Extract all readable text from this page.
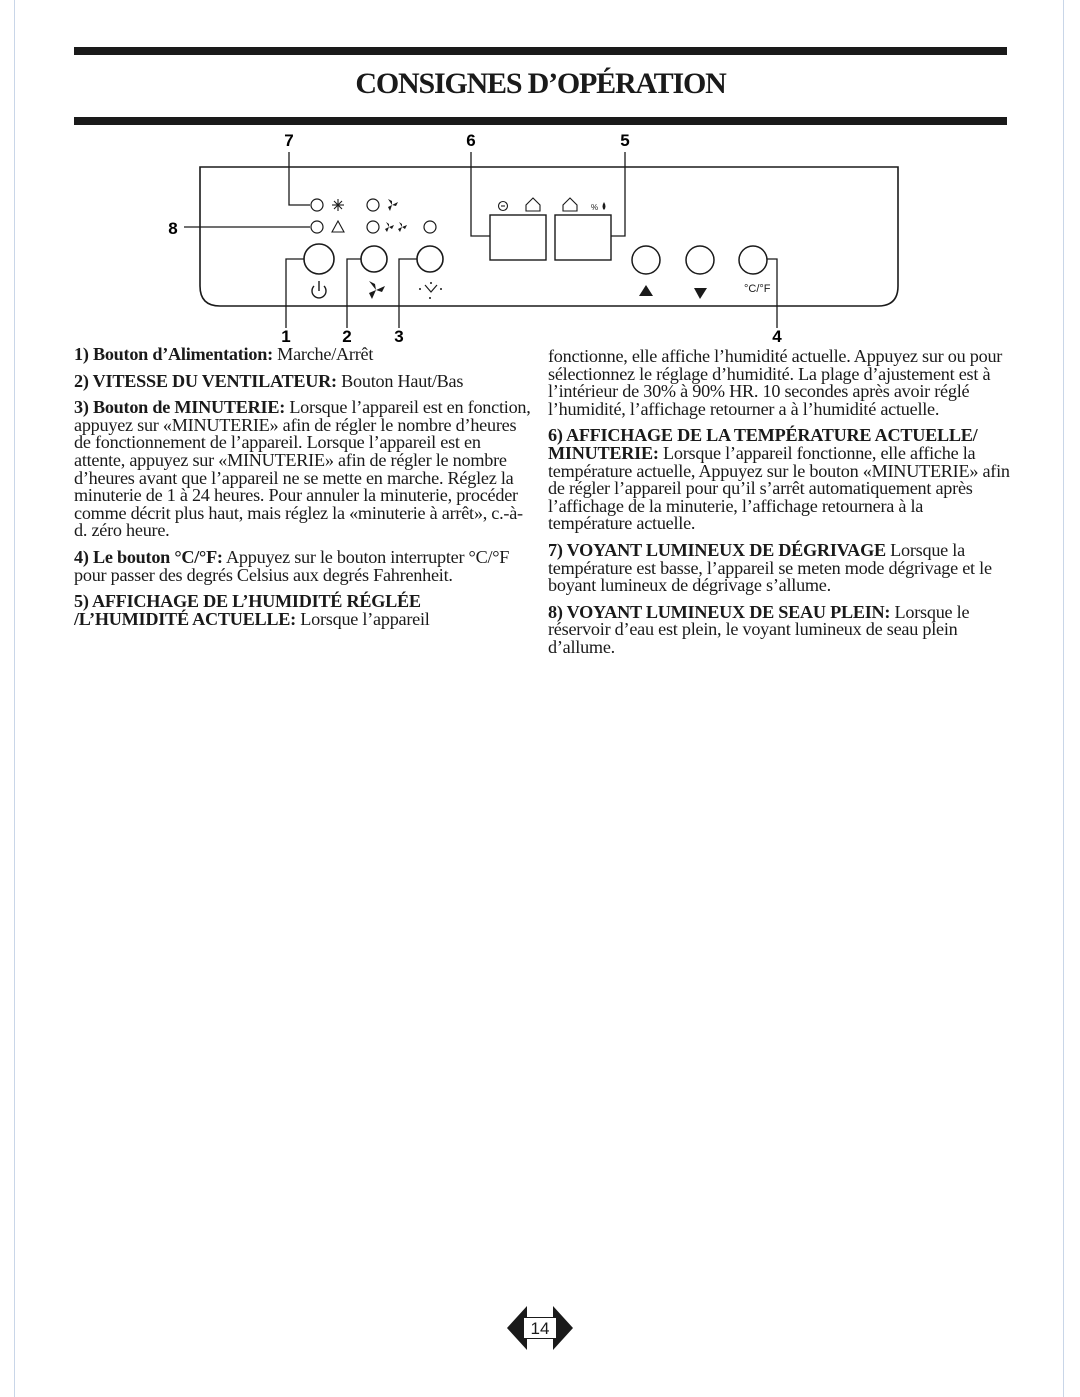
CONSIGNES D’OPÉRATION
7	6	5
8
1	2	3	4
%
°C/°F
1) Bouton d’Alimentation: Marche/Arrêt
2) VITESSE DU VENTILATEUR: Bouton Haut/Bas
3) Bouton de MINUTERIE: Lorsque l’appareil est en fonction, appuyez sur «MINUTERIE» afin de régler le nombre d’heures de fonctionnement de l’appareil. Lorsque l’appareil est en attente, appuyez sur «MINUTERIE» afin de régler le nombre d’heures avant que l’appareil ne se mette en marche. Réglez la minuterie de 1 à 24 heures. Pour annuler la minuterie, procéder comme décrit plus haut, mais réglez la «minuterie à arrêt», c.-à-d. zéro heure.
4) Le bouton °C/°F: Appuyez sur le bouton interrupter °C/°F pour passer des degrés Celsius aux degrés Fahrenheit.
5) AFFICHAGE DE L’HUMIDITÉ RÉGLÉE /L’HUMIDITÉ ACTUELLE: Lorsque l’appareil
fonctionne, elle affiche l’humidité actuelle. Appuyez sur ou pour sélectionnez le réglage d’humidité. La plage d’ajustement est à l’intérieur de 30% à 90% HR. 10 secondes après avoir réglé l’humidité, l’affichage retourner a à l’humidité actuelle.
6) AFFICHAGE DE LA TEMPÉRATURE ACTUELLE/ MINUTERIE: Lorsque l’appareil fonctionne, elle affiche la température actuelle, Appuyez sur le bouton «MINUTERIE» afin de régler l’appareil pour qu’il s’arrêt automatiquement après l’affichage de la minuterie, l’affichage retournera à la température actuelle.
7) VOYANT LUMINEUX DE DÉGRIVAGE Lorsque la température est basse, l’appareil se meten mode dégrivage et le boyant lumineux de dégrivage s’allume.
8) VOYANT LUMINEUX DE SEAU PLEIN: Lorsque le réservoir d’eau est plein, le voyant lumineux de seau plein d’allume.
14
